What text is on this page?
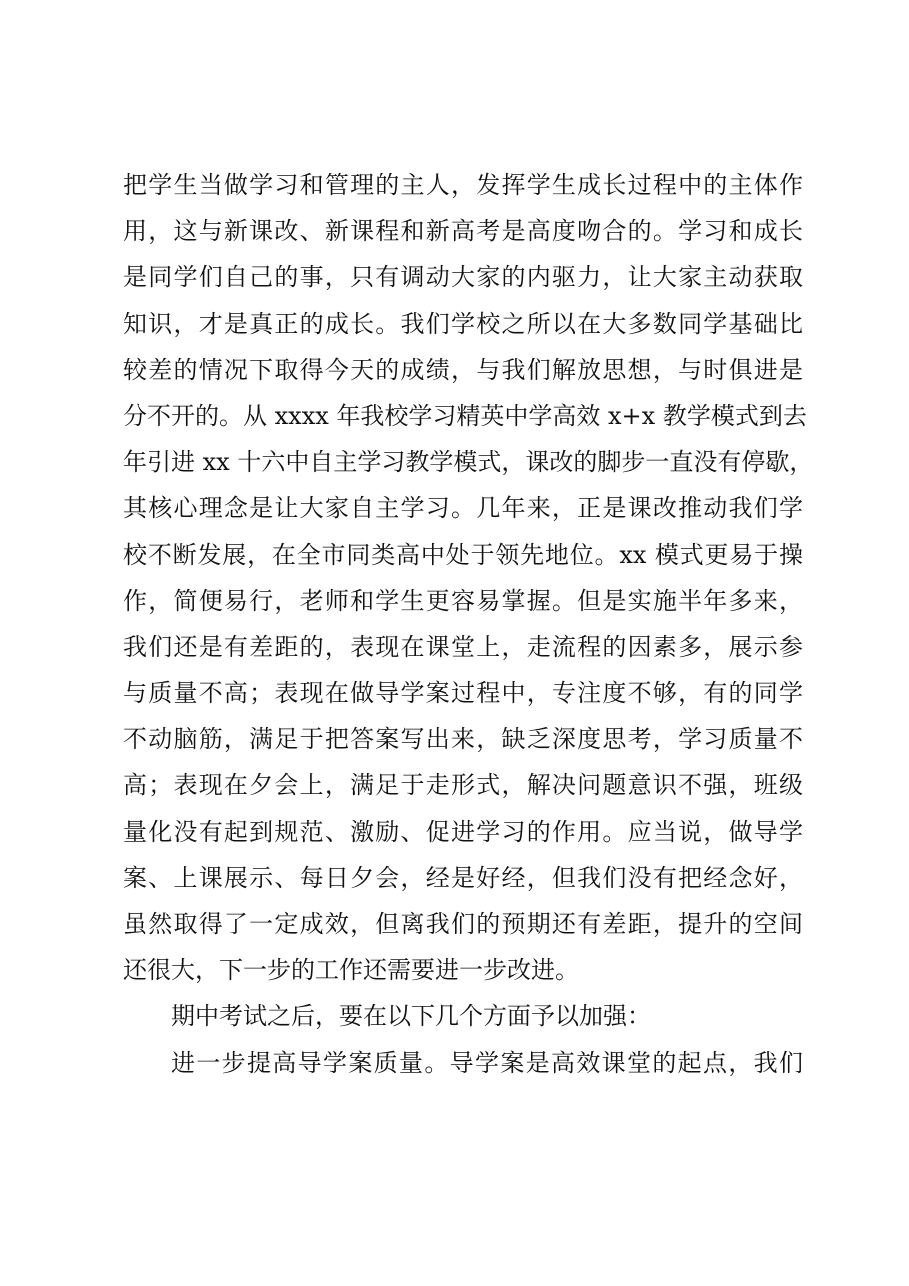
把学生当做学习和管理的主人，发挥学生成长过程中的主体作
用，这与新课改、新课程和新高考是高度吻合的。学习和成长
是同学们自己的事，只有调动大家的内驱力，让大家主动获取
知识，才是真正的成长。我们学校之所以在大多数同学基础比
较差的情况下取得今天的成绩，与我们解放思想，与时俱进是
分不开的。从 xxxx 年我校学习精英中学高效 x+x 教学模式到去
年引进 xx 十六中自主学习教学模式，课改的脚步一直没有停歇，
其核心理念是让大家自主学习。几年来，正是课改推动我们学
校不断发展，在全市同类高中处于领先地位。xx 模式更易于操
作，简便易行，老师和学生更容易掌握。但是实施半年多来，
我们还是有差距的，表现在课堂上，走流程的因素多，展示参
与质量不高；表现在做导学案过程中，专注度不够，有的同学
不动脑筋，满足于把答案写出来，缺乏深度思考，学习质量不
高；表现在夕会上，满足于走形式，解决问题意识不强，班级
量化没有起到规范、激励、促进学习的作用。应当说，做导学
案、上课展示、每日夕会，经是好经，但我们没有把经念好，
虽然取得了一定成效，但离我们的预期还有差距，提升的空间
还很大，下一步的工作还需要进一步改进。
期中考试之后，要在以下几个方面予以加强：
进一步提高导学案质量。导学案是高效课堂的起点，我们
